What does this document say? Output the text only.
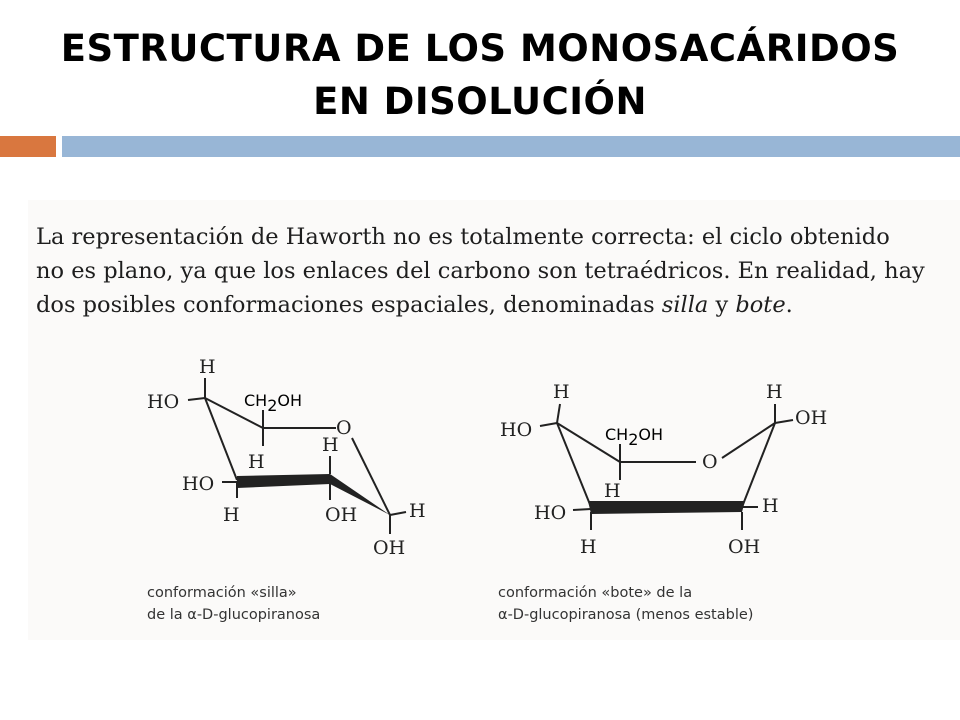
ESTRUCTURA DE LOS MONOSACÁRIDOS
EN DISOLUCIÓN

La representación de Haworth no es totalmente correcta: el ciclo obtenido
no es plano, ya que los enlaces del carbono son tetraédricos. En realidad, hay
dos posibles conformaciones espaciales, denominadas silla y bote.

H
HO	CH2OH
O
H
H
HO
H	OH	H
OH
conformación «silla»
de la α-D-glucopiranosa
H	H
OH
HO	CH2OH
O
H
HO	H
H	OH
conformación «bote» de la
α-D-glucopiranosa (menos estable)
